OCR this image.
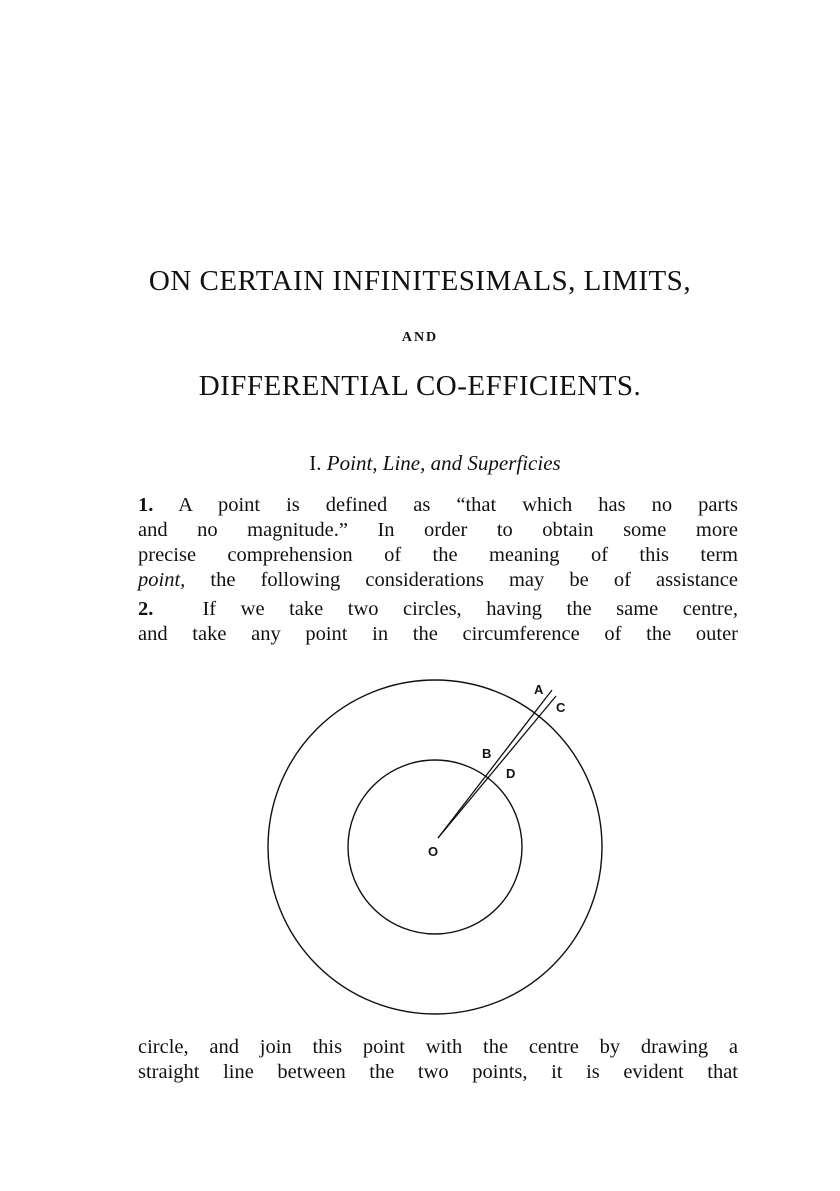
ON CERTAIN INFINITESIMALS, LIMITS,
AND
DIFFERENTIAL CO-EFFICIENTS.
I. Point, Line, and Superficies
1. A point is defined as “that which has no parts
and no magnitude.” In order to obtain some more
precise comprehension of the meaning of this term
point, the following considerations may be of assistance
2. If we take two circles, having the same centre,
and take any point in the circumference of the outer
A
C
B
D
O
circle, and join this point with the centre by drawing a
straight line between the two points, it is evident that
